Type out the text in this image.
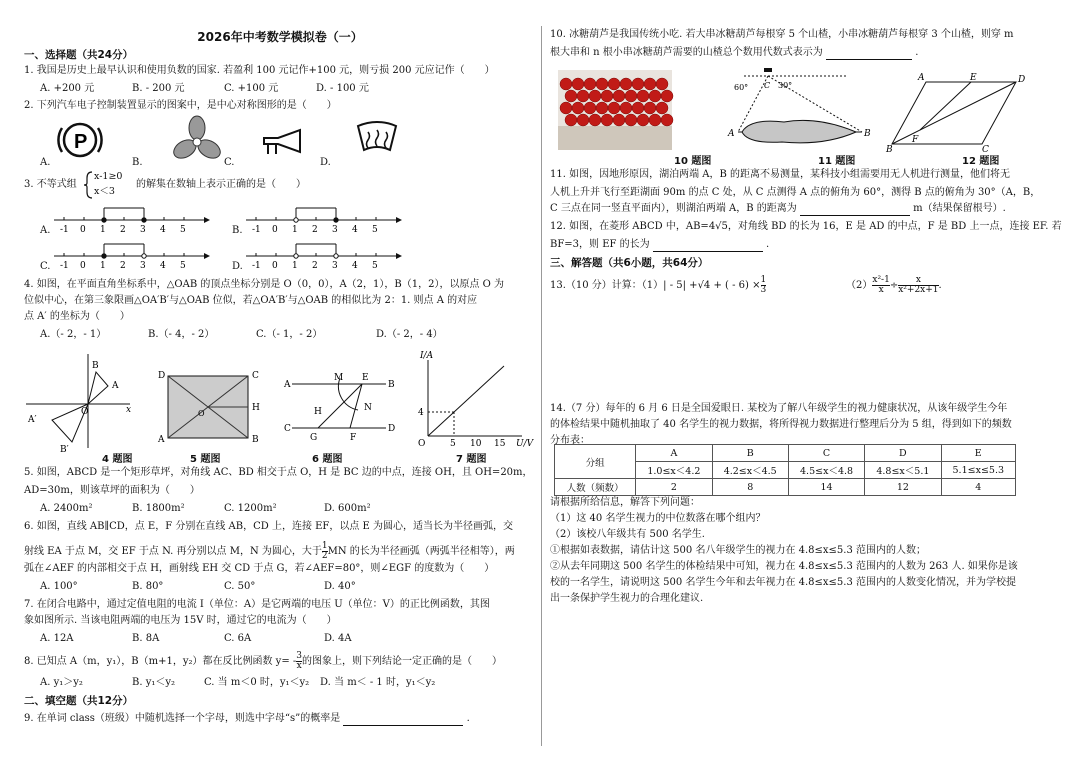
2026年中考数学模拟卷（一）
一、选择题（共24分）
1. 我国是历史上最早认识和使用负数的国家. 若盈利 100 元记作+100 元，则亏损 200 元应记作（　　）
A. +200 元	B. - 200 元	C. +100 元	D. - 100 元
2. 下列汽车电子控制装置显示的图案中，是中心对称图形的是（　　）
A.	B.	C.	D.
P
3. 不等式组
x-1≥0
x＜3
的解集在数轴上表示正确的是（　　）
A.	B.
C.	D.
-1 0 1 2 3 4 5	-1 0 1 2 3 4 5
-1 0 1 2 3 4 5	-1 0 1 2 3 4 5
4. 如图，在平面直角坐标系中，△OAB 的顶点坐标分别是 O（0，0），A（2，1），B（1，2），以原点 O 为
位似中心，在第三象限画△OA′B′与△OAB 位似，若△OA′B′与△OAB 的相似比为 2：1. 则点 A 的对应
点 A′ 的坐标为（　　）
A.（- 2，- 1）	B.（- 4，- 2）	C.（- 1，- 2）	D.（- 2，- 4）
B
A
O
A′
B′
x
D	C
A	B
H
O
A
M E
B
H	N
C
G	F
D
I/A
U/V
O	5 10 15
4
4 题图	5 题图	6 题图	7 题图
5. 如图，ABCD 是一个矩形草坪，对角线 AC、BD 相交于点 O，H 是 BC 边的中点，连接 OH，且 OH=20m，
AD=30m，则该草坪的面积为（　　）
A. 2400m²	B. 1800m²	C. 1200m²	D. 600m²
6. 如图，直线 AB∥CD，点 E，F 分别在直线 AB，CD 上，连接 EF，以点 E 为圆心，适当长为半径画弧，交
射线 EA 于点 M，交 EF 于点 N. 再分别以点 M，N 为圆心，大于 $\frac{1}{2}$ MN 的长为半径画弧（两弧半径相等），两
弧在∠AEF 的内部相交于点 H，画射线 EH 交 CD 于点 G，若∠AEF=80°，则∠EGF 的度数为（　　）
A. 100°	B. 80°	C. 50°	D. 40°
7. 在闭合电路中，通过定值电阻的电流 I（单位：A）是它两端的电压 U（单位：V）的正比例函数，其图
象如图所示. 当该电阻两端的电压为 15V 时，通过它的电流为（　　）
A. 12A	B. 8A	C. 6A	D. 4A
8. 已知点 A（m，y₁），B（m+1，y₂）都在反比例函数 $y= - \frac{3}{x}$ 的图象上，则下列结论一定正确的是（　　）
A. y₁＞y₂	B. y₁＜y₂	C. 当 m＜0 时，y₁＜y₂ D. 当 m＜ - 1 时，y₁＜y₂
二、填空题（共12分）
9. 在单词 class（班级）中随机选择一个字母，则选中字母“s”的概率是	.
10. 冰糖葫芦是我国传统小吃. 若大串冰糖葫芦每根穿 5 个山楂，小串冰糖葫芦每根穿 3 个山楂，则穿 m
根大串和 n 根小串冰糖葫芦需要的山楂总个数用代数式表示为	.
10 题图
60° C 30°
A	B
11 题图
A	E	D
B
F
C
12 题图
11. 如图，因地形原因，湖泊两端 A，B 的距离不易测量，某科技小组需要用无人机进行测量，他们将无
人机上升并飞行至距湖面 90m 的点 C 处，从 C 点测得 A 点的俯角为 60°，测得 B 点的俯角为 30°（A，B，
C 三点在同一竖直平面内），则湖泊两端 A，B 的距离为	m（结果保留根号）.
12. 如图，在菱形 ABCD 中，AB=4√5，对角线 BD 的长为 16，E 是 AD 的中点，F 是 BD 上一点，连接 EF. 若
BF=3，则 EF 的长为	.
三、解答题（共6小题，共64分）
13.（10 分）计算：（1）| - 5| +√4 + ( - $6) \times \frac{1}{3}$	$(2) \frac{\text{x²-1}}{x} \div \frac{x}{\text{x²+2x+1}}$ .
14.（7 分）每年的 6 月 6 日是全国爱眼日. 某校为了解八年级学生的视力健康状况，从该年级学生今年
的体检结果中随机抽取了 40 名学生的视力数据，将所得视力数据进行整理后分为 5 组，得到如下的频数
分布表：
分组	A	B	C	D	E
	1.0≤x＜4.2	4.2≤x＜4.5	4.5≤x＜4.8	4.8≤x＜5.1	5.1≤x≤5.3
人数（频数）	2	8	14	12	4
请根据所给信息，解答下列问题：
（1）这 40 名学生视力的中位数落在哪个组内？
（2）该校八年级共有 500 名学生.
①根据如表数据，请估计这 500 名八年级学生的视力在 4.8≤x≤5.3 范围内的人数；
②从去年同期这 500 名学生的体检结果中可知，视力在 4.8≤x≤5.3 范围内的人数为 263 人. 如果你是该
校的一名学生，请说明这 500 名学生今年和去年视力在 4.8≤x≤5.3 范围内的人数变化情况，并为学校提
出一条保护学生视力的合理化建议.
